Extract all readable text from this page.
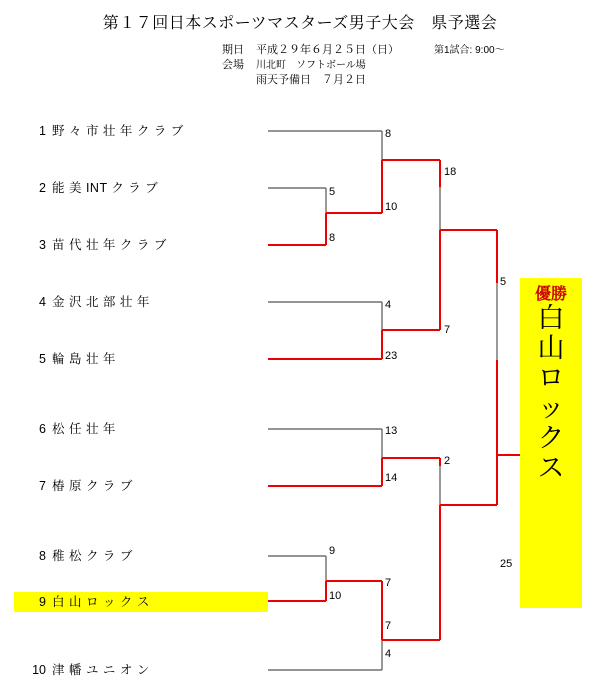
第１７回日本スポーツマスターズ男子大会　県予選会
期日 平成２９年６月２５日（日）	第1試合: 9:00〜
会場 川北町　ソフトボール場
雨天予備日　７月２日
1 野 々 市 壮 年 ク ラ ブ
2 能 美 INT ク ラ ブ
3 苗 代 壮 年 ク ラ ブ
4 金 沢 北 部 壮 年
5 輪 島 壮 年
6 松 任 壮 年
7 椿 原 ク ラ ブ
8 稚 松 ク ラ ブ
9 白 山 ロ ッ ク ス
10 津 幡 ユ ニ オ ン
8
5
8
10
18
4
23
7
5
13
14
2
9
10
7
7
4
25
優勝
白
山
ロ
ッ
ク
ス
